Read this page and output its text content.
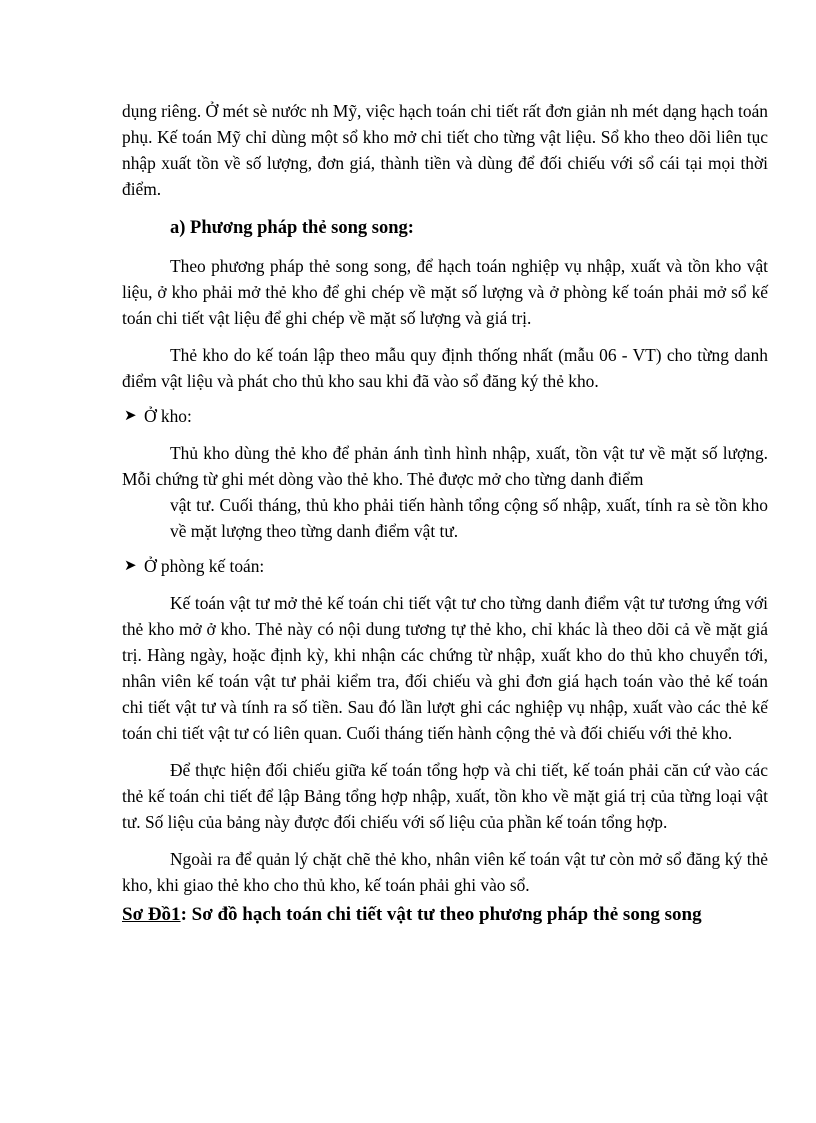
dụng riêng. Ở mét sè nước nh Mỹ, việc hạch toán chi tiết rất đơn giản nh mét dạng hạch toán phụ. Kế toán Mỹ chỉ dùng một sổ kho mở chi tiết cho từng vật liệu. Sổ kho theo dõi liên tục nhập xuất tồn về số lượng, đơn giá, thành tiền và dùng để đối chiếu với sổ cái tại mọi thời điểm.

a) Phương pháp thẻ song song:

Theo phương pháp thẻ song song, để hạch toán nghiệp vụ nhập, xuất và tồn kho vật liệu, ở kho phải mở thẻ kho để ghi chép về mặt số lượng và ở phòng kế toán phải mở sổ kế toán chi tiết vật liệu để ghi chép về mặt số lượng và giá trị.

Thẻ kho do kế toán lập theo mẫu quy định thống nhất (mẫu 06 - VT) cho từng danh điểm vật liệu và phát cho thủ kho sau khi đã vào sổ đăng ký thẻ kho.

➤ Ở kho:

Thủ kho dùng thẻ kho để phản ánh tình hình nhập, xuất, tồn vật tư về mặt số lượng. Mỗi chứng từ ghi mét dòng vào thẻ kho. Thẻ được mở cho từng danh điểm

vật tư. Cuối tháng, thủ kho phải tiến hành tổng cộng số nhập, xuất, tính ra sè tồn kho về mặt lượng theo từng danh điểm vật tư.

➤ Ở phòng kế toán:

Kế toán vật tư mở thẻ kế toán chi tiết vật tư cho từng danh điểm vật tư tương ứng với thẻ kho mở ở kho. Thẻ này có nội dung tương tự thẻ kho, chỉ khác là theo dõi cả về mặt giá trị. Hàng ngày, hoặc định kỳ, khi nhận các chứng từ nhập, xuất kho do thủ kho chuyển tới, nhân viên kế toán vật tư phải kiểm tra, đối chiếu và ghi đơn giá hạch toán vào thẻ kế toán chi tiết vật tư và tính ra số tiền. Sau đó lần lượt ghi các nghiệp vụ nhập, xuất vào các thẻ kế toán chi tiết vật tư có liên quan. Cuối tháng tiến hành cộng thẻ và đối chiếu với thẻ kho.

Để thực hiện đối chiếu giữa kế toán tổng hợp và chi tiết, kế toán phải căn cứ vào các thẻ kế toán chi tiết để lập Bảng tổng hợp nhập, xuất, tồn kho về mặt giá trị của từng loại vật tư. Số liệu của bảng này được đối chiếu với số liệu của phần kế toán tổng hợp.

Ngoài ra để quản lý chặt chẽ thẻ kho, nhân viên kế toán vật tư còn mở sổ đăng ký thẻ kho, khi giao thẻ kho cho thủ kho, kế toán phải ghi vào sổ.

Sơ Đồ1: Sơ đồ hạch toán chi tiết vật tư theo phương pháp thẻ song song
